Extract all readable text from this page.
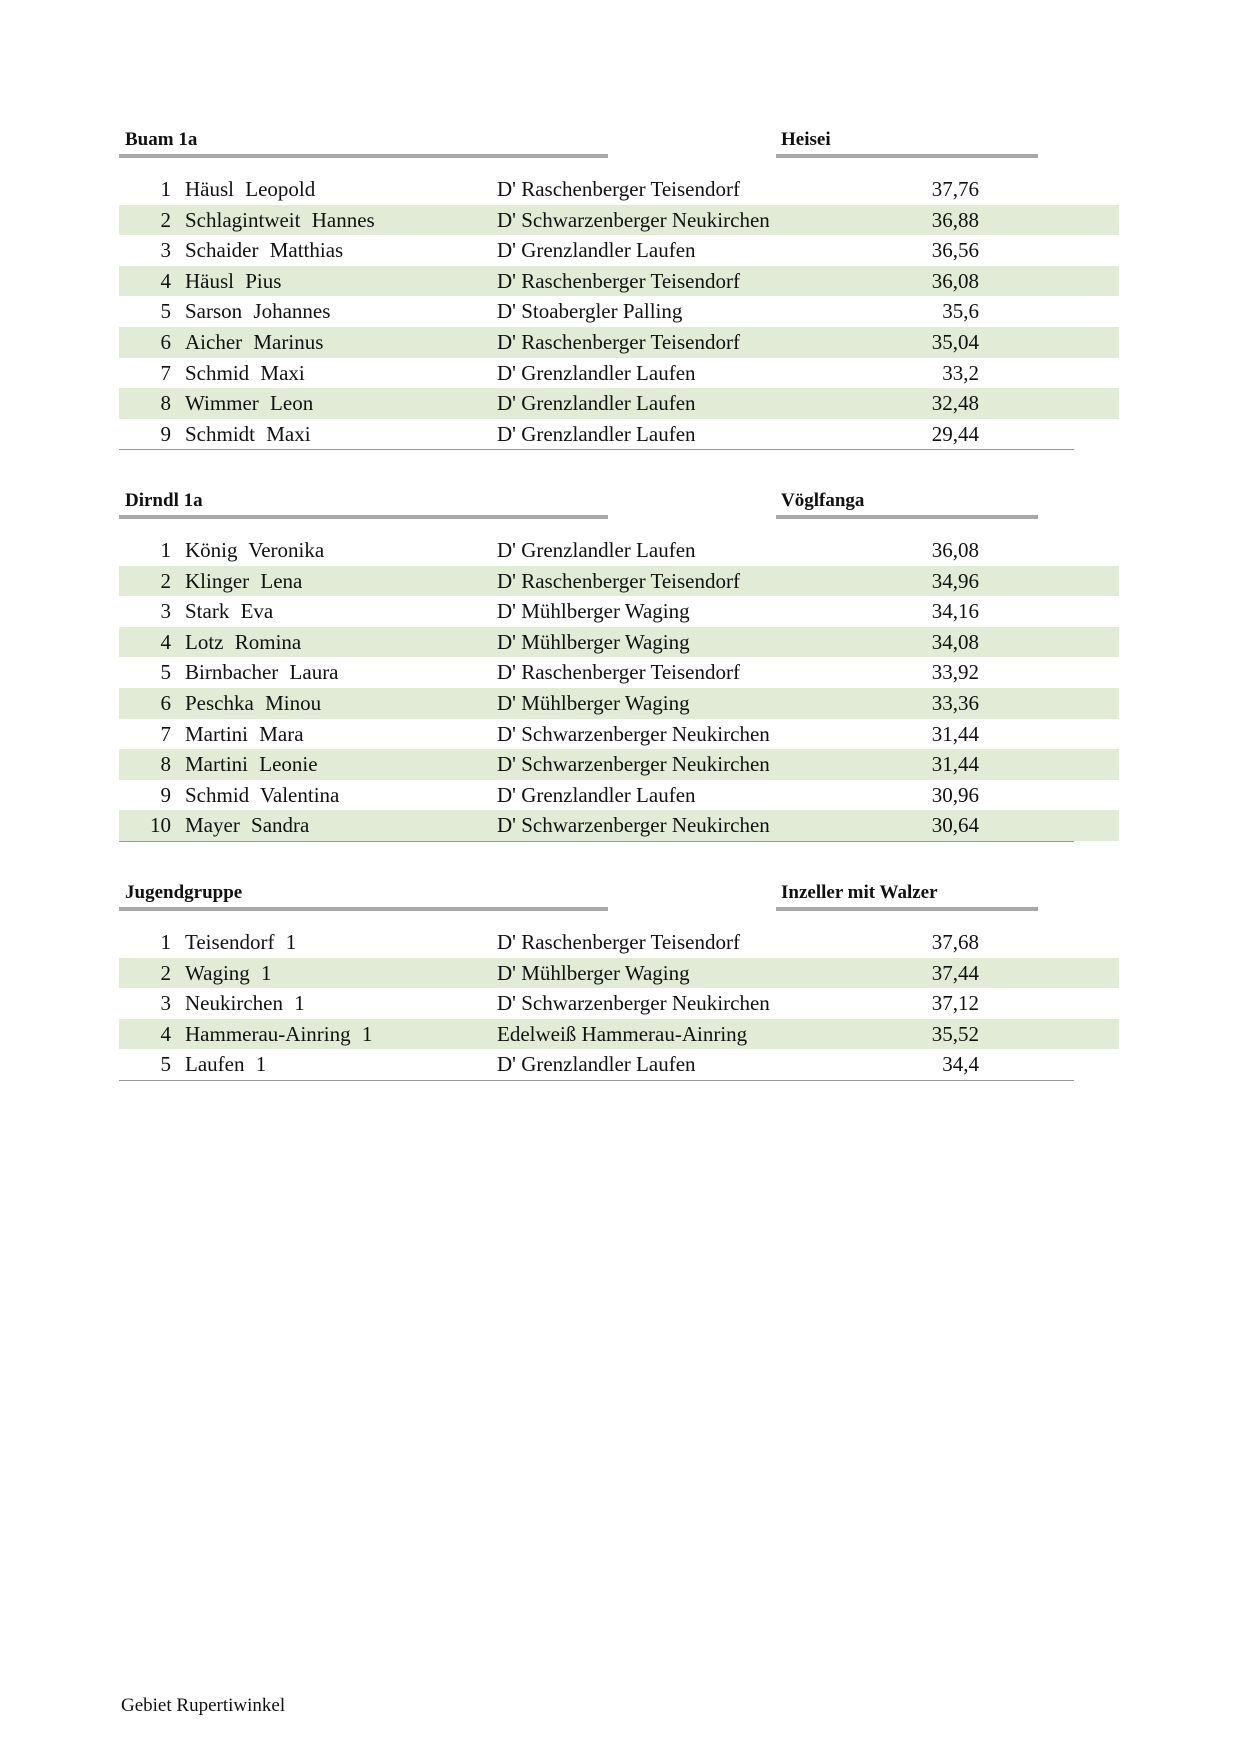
Buam 1a	Heisei
1 Häusl Leopold	D' Raschenberger Teisendorf	37,76
2 Schlagintweit Hannes	D' Schwarzenberger Neukirchen	36,88
3 Schaider Matthias	D' Grenzlandler Laufen	36,56
4 Häusl Pius	D' Raschenberger Teisendorf	36,08
5 Sarson Johannes	D' Stoabergler Palling	35,6
6 Aicher Marinus	D' Raschenberger Teisendorf	35,04
7 Schmid Maxi	D' Grenzlandler Laufen	33,2
8 Wimmer Leon	D' Grenzlandler Laufen	32,48
9 Schmidt Maxi	D' Grenzlandler Laufen	29,44
Dirndl 1a	Vöglfanga
1 König Veronika	D' Grenzlandler Laufen	36,08
2 Klinger Lena	D' Raschenberger Teisendorf	34,96
3 Stark Eva	D' Mühlberger Waging	34,16
4 Lotz Romina	D' Mühlberger Waging	34,08
5 Birnbacher Laura	D' Raschenberger Teisendorf	33,92
6 Peschka Minou	D' Mühlberger Waging	33,36
7 Martini Mara	D' Schwarzenberger Neukirchen	31,44
8 Martini Leonie	D' Schwarzenberger Neukirchen	31,44
9 Schmid Valentina	D' Grenzlandler Laufen	30,96
10 Mayer Sandra	D' Schwarzenberger Neukirchen	30,64
Jugendgruppe	Inzeller mit Walzer
1 Teisendorf 1	D' Raschenberger Teisendorf	37,68
2 Waging 1	D' Mühlberger Waging	37,44
3 Neukirchen 1	D' Schwarzenberger Neukirchen	37,12
4 Hammerau-Ainring 1	Edelweiß Hammerau-Ainring	35,52
5 Laufen 1	D' Grenzlandler Laufen	34,4
Gebiet Rupertiwinkel
